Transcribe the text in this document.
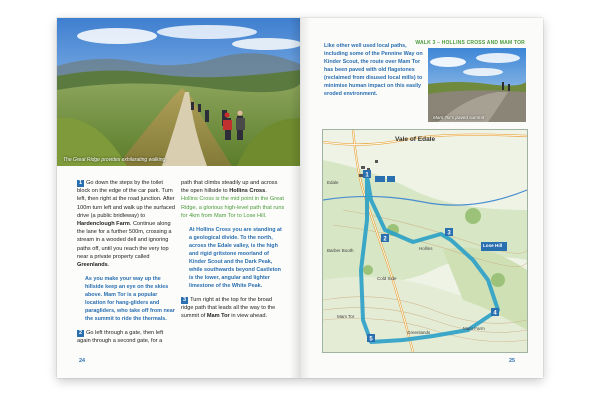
The Great Ridge provides exhilarating walking

1 Go down the steps by the toilet block on the edge of the car park. Turn left, then right at the road junction. After 100m turn left and walk up the surfaced drive (a public bridleway) to Hardenclough Farm. Continue along the lane for a further 500m, crossing a stream in a wooded dell and ignoring paths off, until you reach the very top near a private property called Greenlands.

As you make your way up the hillside keep an eye on the skies above. Mam Tor is a popular location for hang-gliders and paragliders, who take off from near the summit to ride the thermals.

2 Go left through a gate, then left again through a second gate, for a

path that climbs steadily up and across the open hillside to Hollins Cross. Hollins Cross is the mid point in the Great Ridge, a glorious high-level path that runs for 4km from Mam Tor to Lose Hill.

At Hollins Cross you are standing at a geological divide. To the north, across the Edale valley, is the high and rigid gritstone moorland of Kinder Scout and the Dark Peak, while southwards beyond Castleton is the lower, angular and lighter limestone of the White Peak.

3 Turn right at the top for the broad ridge path that leads all the way to the summit of Mam Tor in view ahead.

24
WALK 3 – HOLLINS CROSS AND MAM TOR
Like other well used local paths, including some of the Pennine Way on Kinder Scout, the route over Mam Tor has been paved with old flagstones (reclaimed from disused local mills) to minimise human impact on this easily eroded environment.
Mam Tor's paved summit
1
2
3
4
5
Vale of Edale
Edale
Barber Booth
Cold Side
Mam Farm
Lose Hill
Hollins
Greenlands
Mam Tor
25
